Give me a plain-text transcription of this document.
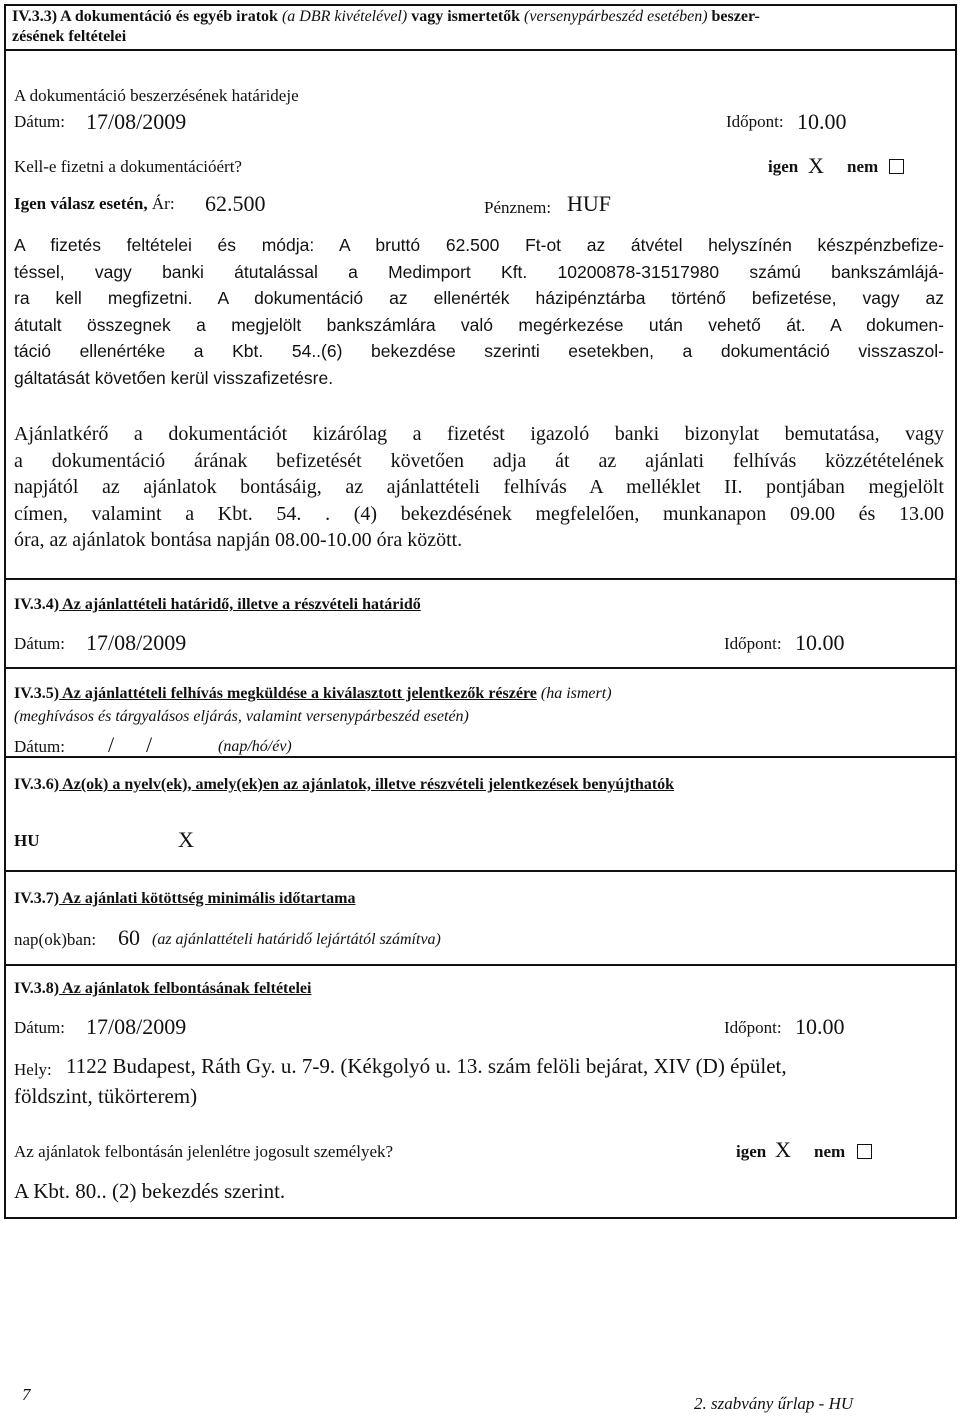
IV.3.3) A dokumentáció és egyéb iratok (a DBR kivételével) vagy ismertetők (versenypárbeszéd esetében) beszer-
zésének feltételei
A dokumentáció beszerzésének határideje
Dátum: 17/08/2009	Időpont: 10.00
Kell-e fizetni a dokumentációért?	igen X nem
Igen válasz esetén, Ár: 62.500	Pénznem: HUF
A fizetés feltételei és módja: A bruttó 62.500 Ft-ot az átvétel helyszínén készpénzbefize-
téssel, vagy banki átutalással a Medimport Kft. 10200878-31517980 számú bankszámlájá-
ra kell megfizetni. A dokumentáció az ellenérték házipénztárba történő befizetése, vagy az
átutalt összegnek a megjelölt bankszámlára való megérkezése után vehető át. A dokumen-
táció ellenértéke a Kbt. 54..(6) bekezdése szerinti esetekben, a dokumentáció visszaszol-
gáltatását követően kerül visszafizetésre.
Ajánlatkérő a dokumentációt kizárólag a fizetést igazoló banki bizonylat bemutatása, vagy
a dokumentáció árának befizetését követően adja át az ajánlati felhívás közzétételének
napjától az ajánlatok bontásáig, az ajánlattételi felhívás A melléklet II. pontjában megjelölt
címen, valamint a Kbt. 54. . (4) bekezdésének megfelelően, munkanapon 09.00 és 13.00
óra, az ajánlatok bontása napján 08.00-10.00 óra között.
IV.3.4) Az ajánlattételi határidő, illetve a részvételi határidő
Dátum: 17/08/2009	Időpont: 10.00
IV.3.5) Az ajánlattételi felhívás megküldése a kiválasztott jelentkezők részére (ha ismert)
(meghívásos és tárgyalásos eljárás, valamint versenypárbeszéd esetén)
Dátum: / /	(nap/hó/év)
IV.3.6) Az(ok) a nyelv(ek), amely(ek)en az ajánlatok, illetve részvételi jelentkezések benyújthatók
HU	X
IV.3.7) Az ajánlati kötöttség minimális időtartama
nap(ok)ban: 60 (az ajánlattételi határidő lejártától számítva)
IV.3.8) Az ajánlatok felbontásának feltételei
Dátum: 17/08/2009	Időpont: 10.00
Hely: 1122 Budapest, Ráth Gy. u. 7-9. (Kékgolyó u. 13. szám felöli bejárat, XIV (D) épület,
földszint, tükörterem)
Az ajánlatok felbontásán jelenlétre jogosult személyek?	igen X nem
A Kbt. 80.. (2) bekezdés szerint.
7	2. szabvány űrlap - HU
